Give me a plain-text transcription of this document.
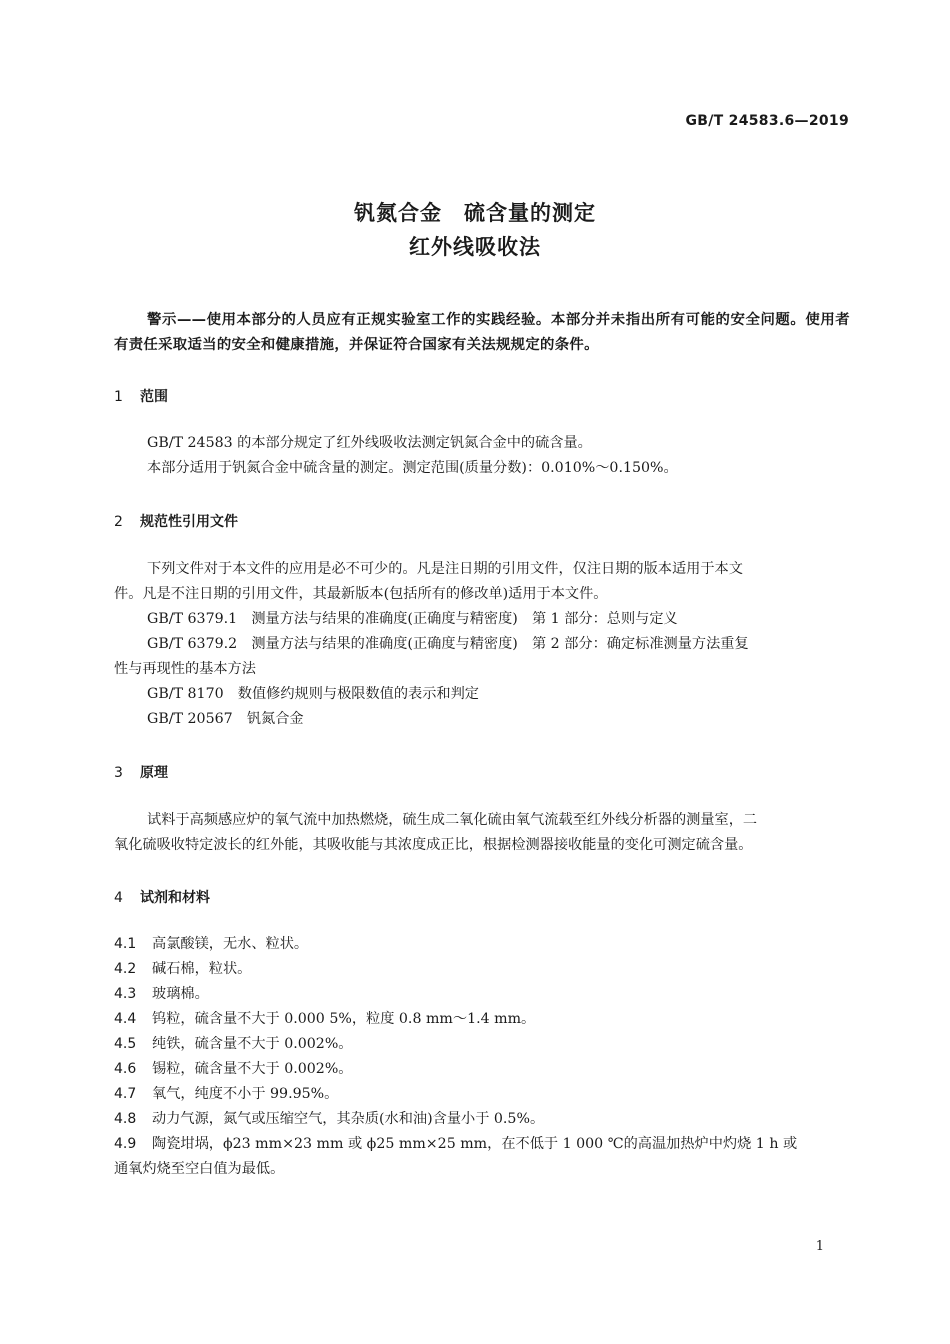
GB/T 24583.6—2019
钒氮合金　硫含量的测定
红外线吸收法
警示——使用本部分的人员应有正规实验室工作的实践经验。本部分并未指出所有可能的安全问题。使用者有责任采取适当的安全和健康措施，并保证符合国家有关法规规定的条件。
1 范围
GB/T 24583 的本部分规定了红外线吸收法测定钒氮合金中的硫含量。
本部分适用于钒氮合金中硫含量的测定。测定范围(质量分数)：0.010%～0.150%。
2 规范性引用文件
下列文件对于本文件的应用是必不可少的。凡是注日期的引用文件，仅注日期的版本适用于本文
件。凡是不注日期的引用文件，其最新版本(包括所有的修改单)适用于本文件。
GB/T 6379.1　测量方法与结果的准确度(正确度与精密度)　第 1 部分：总则与定义
GB/T 6379.2　测量方法与结果的准确度(正确度与精密度)　第 2 部分：确定标准测量方法重复
性与再现性的基本方法
GB/T 8170　数值修约规则与极限数值的表示和判定
GB/T 20567　钒氮合金
3 原理
试料于高频感应炉的氧气流中加热燃烧，硫生成二氧化硫由氧气流载至红外线分析器的测量室，二
氧化硫吸收特定波长的红外能，其吸收能与其浓度成正比，根据检测器接收能量的变化可测定硫含量。
4 试剂和材料
4.1 高氯酸镁，无水、粒状。
4.2 碱石棉，粒状。
4.3 玻璃棉。
4.4 钨粒，硫含量不大于 0.000 5%，粒度 0.8 mm～1.4 mm。
4.5 纯铁，硫含量不大于 0.002%。
4.6 锡粒，硫含量不大于 0.002%。
4.7 氧气，纯度不小于 99.95%。
4.8 动力气源，氮气或压缩空气，其杂质(水和油)含量小于 0.5%。
4.9 陶瓷坩埚，ϕ23 mm×23 mm 或 ϕ25 mm×25 mm，在不低于 1 000 ℃的高温加热炉中灼烧 1 h 或
通氧灼烧至空白值为最低。
1
